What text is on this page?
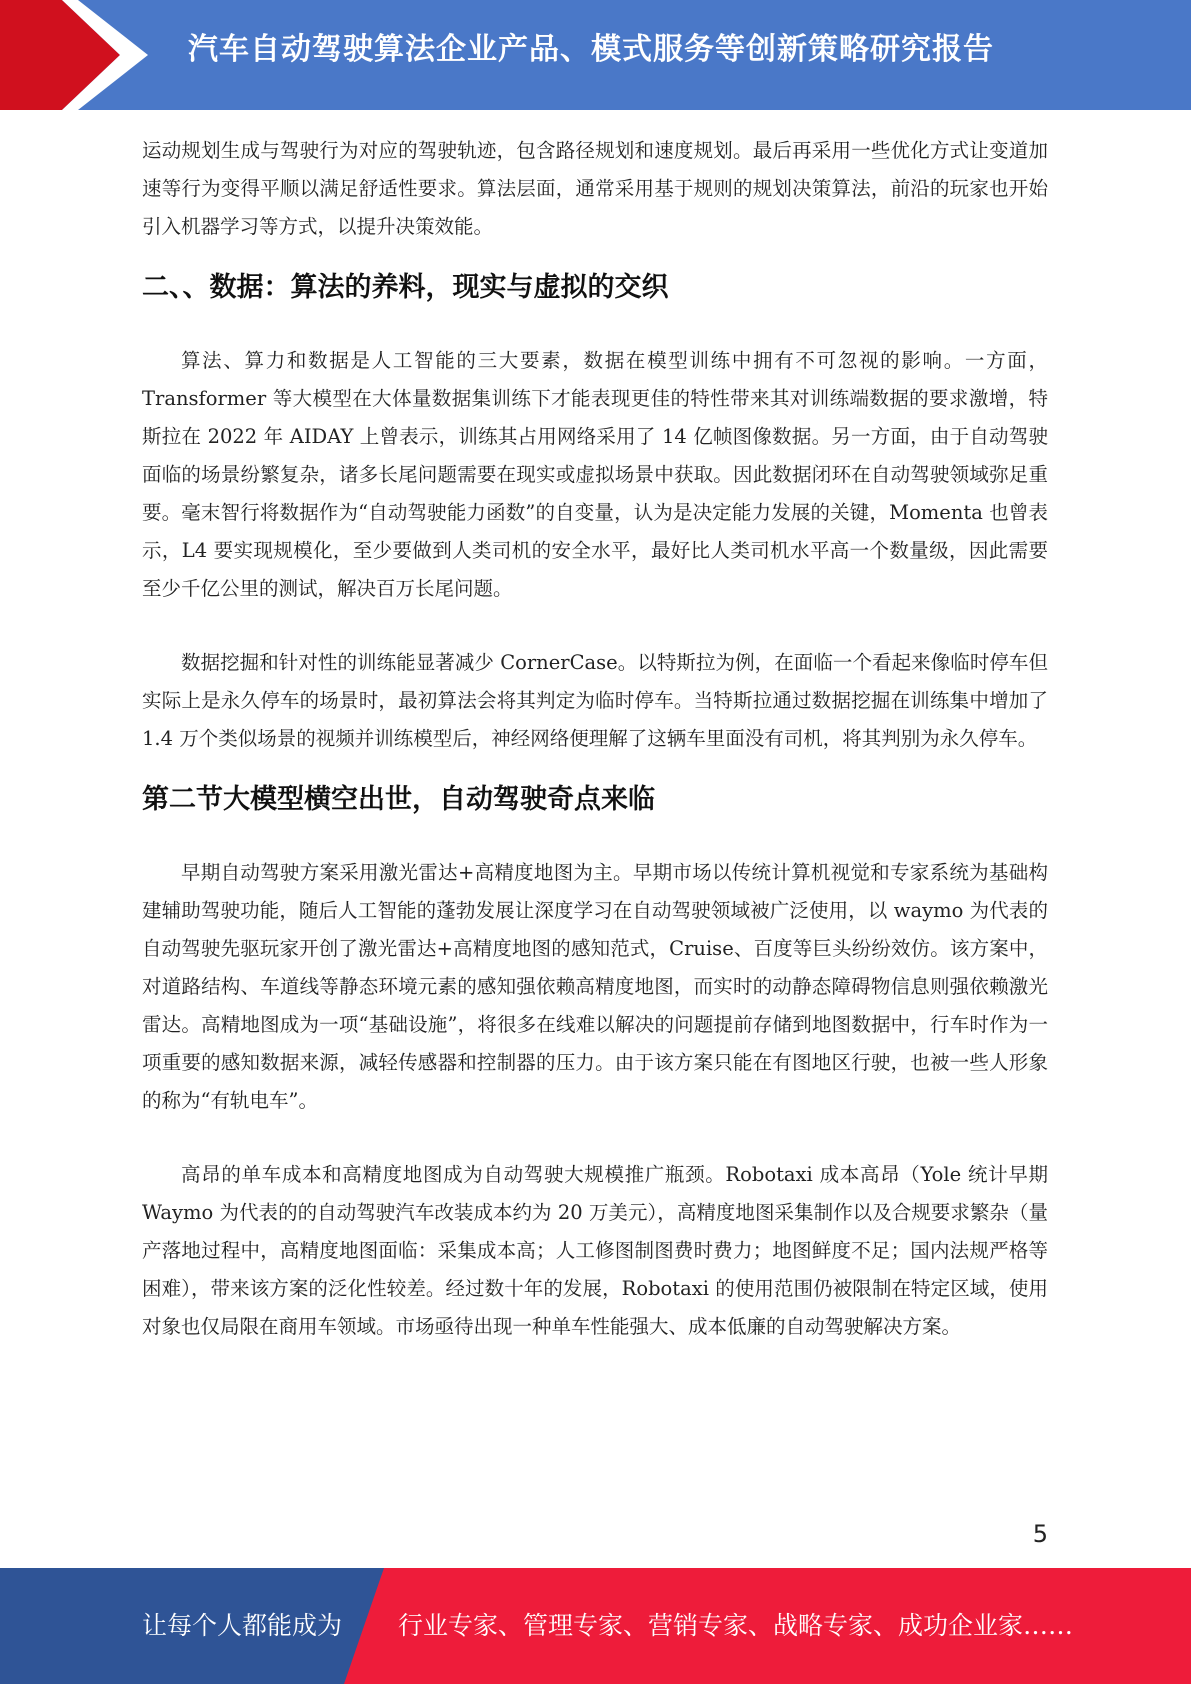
汽车自动驾驶算法企业产品、模式服务等创新策略研究报告

运动规划生成与驾驶行为对应的驾驶轨迹，包含路径规划和速度规划。最后再采用一些优化方式让变道加速等行为变得平顺以满足舒适性要求。算法层面，通常采用基于规则的规划决策算法，前沿的玩家也开始引入机器学习等方式，以提升决策效能。

二、、数据：算法的养料，现实与虚拟的交织

算法、算力和数据是人工智能的三大要素，数据在模型训练中拥有不可忽视的影响。一方面，Transformer 等大模型在大体量数据集训练下才能表现更佳的特性带来其对训练端数据的要求激增，特斯拉在 2022 年 AIDAY 上曾表示，训练其占用网络采用了 14 亿帧图像数据。另一方面，由于自动驾驶面临的场景纷繁复杂，诸多长尾问题需要在现实或虚拟场景中获取。因此数据闭环在自动驾驶领域弥足重要。毫末智行将数据作为“自动驾驶能力函数”的自变量，认为是决定能力发展的关键，Momenta 也曾表示，L4 要实现规模化，至少要做到人类司机的安全水平，最好比人类司机水平高一个数量级，因此需要至少千亿公里的测试，解决百万长尾问题。

数据挖掘和针对性的训练能显著减少 CornerCase。以特斯拉为例，在面临一个看起来像临时停车但实际上是永久停车的场景时，最初算法会将其判定为临时停车。当特斯拉通过数据挖掘在训练集中增加了 1.4 万个类似场景的视频并训练模型后，神经网络便理解了这辆车里面没有司机，将其判别为永久停车。

第二节大模型横空出世，自动驾驶奇点来临

早期自动驾驶方案采用激光雷达+高精度地图为主。早期市场以传统计算机视觉和专家系统为基础构建辅助驾驶功能，随后人工智能的蓬勃发展让深度学习在自动驾驶领域被广泛使用，以 waymo 为代表的自动驾驶先驱玩家开创了激光雷达+高精度地图的感知范式，Cruise、百度等巨头纷纷效仿。该方案中，对道路结构、车道线等静态环境元素的感知强依赖高精度地图，而实时的动静态障碍物信息则强依赖激光雷达。高精地图成为一项“基础设施”，将很多在线难以解决的问题提前存储到地图数据中，行车时作为一项重要的感知数据来源，减轻传感器和控制器的压力。由于该方案只能在有图地区行驶，也被一些人形象的称为“有轨电车”。

高昂的单车成本和高精度地图成为自动驾驶大规模推广瓶颈。Robotaxi 成本高昂（Yole 统计早期 Waymo 为代表的的自动驾驶汽车改装成本约为 20 万美元），高精度地图采集制作以及合规要求繁杂（量产落地过程中，高精度地图面临：采集成本高；人工修图制图费时费力；地图鲜度不足；国内法规严格等困难），带来该方案的泛化性较差。经过数十年的发展，Robotaxi 的使用范围仍被限制在特定区域，使用对象也仅局限在商用车领域。市场亟待出现一种单车性能强大、成本低廉的自动驾驶解决方案。

5
让每个人都能成为 行业专家、管理专家、营销专家、战略专家、成功企业家……
